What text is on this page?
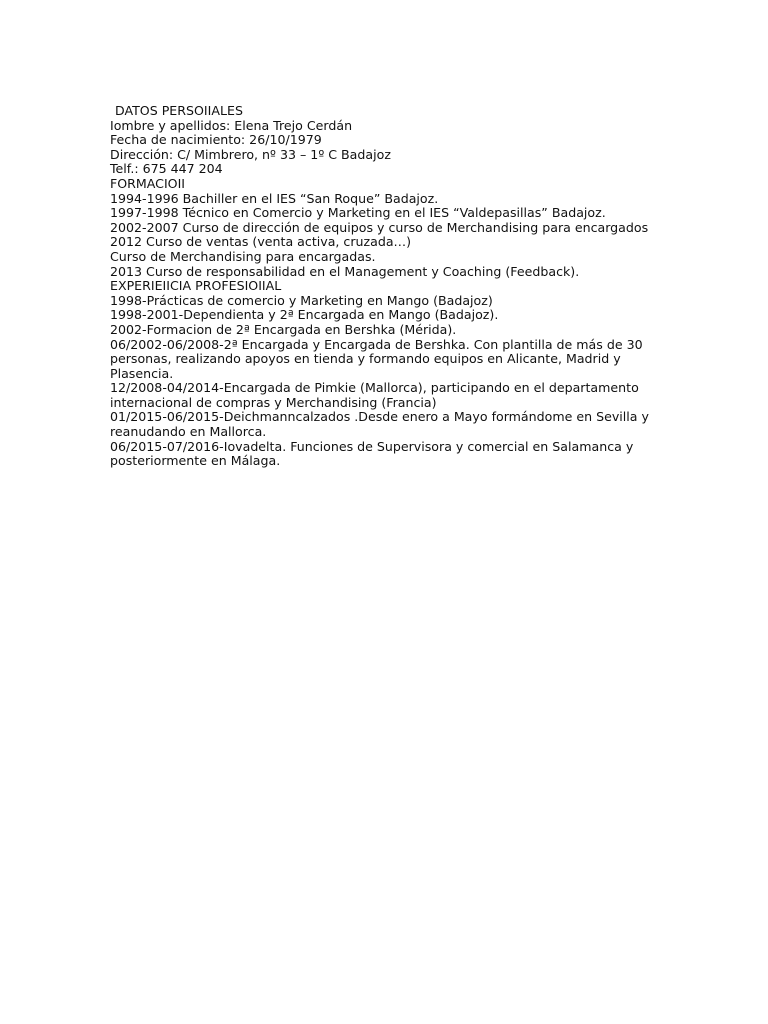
DATOS PERSOIIALES

Iombre y apellidos: Elena Trejo Cerdán

Fecha de nacimiento: 26/10/1979

Dirección: C/ Mimbrero, nº 33 – 1º C Badajoz

Telf.: 675 447 204

FORMACIOII

1994-1996 Bachiller en el IES “San Roque” Badajoz.

1997-1998 Técnico en Comercio y Marketing en el IES “Valdepasillas” Badajoz.

2002-2007 Curso de dirección de equipos y curso de Merchandising para encargados

2012 Curso de ventas (venta activa, cruzada…)

Curso de Merchandising para encargadas.

2013 Curso de responsabilidad en el Management y Coaching (Feedback).

EXPERIEIICIA PROFESIOIIAL

1998-Prácticas de comercio y Marketing en Mango (Badajoz)

1998-2001-Dependienta y 2ª Encargada en Mango (Badajoz).

2002-Formacion de 2ª Encargada en Bershka (Mérida).

06/2002-06/2008-2ª Encargada y Encargada de Bershka. Con plantilla de más de 30 personas, realizando apoyos en tienda y formando equipos en Alicante, Madrid y Plasencia.

12/2008-04/2014-Encargada de Pimkie (Mallorca), participando en el departamento internacional de compras y Merchandising (Francia)

01/2015-06/2015-Deichmanncalzados .Desde enero a Mayo formándome en Sevilla y reanudando en Mallorca.

06/2015-07/2016-Iovadelta. Funciones de Supervisora y comercial en Salamanca y posteriormente en Málaga.
